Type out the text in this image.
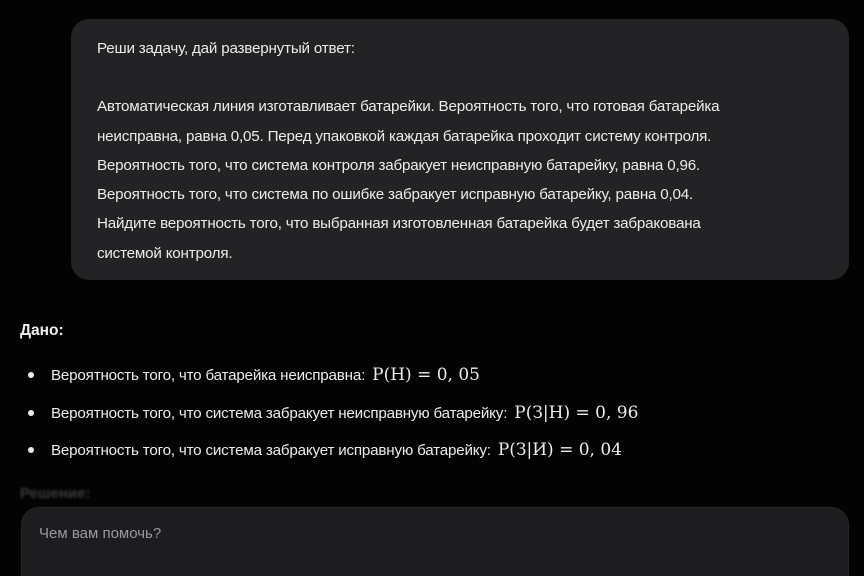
Реши задачу, дай развернутый ответ:

Автоматическая линия изготавливает батарейки. Вероятность того, что готовая батарейка

неисправна, равна 0,05. Перед упаковкой каждая батарейка проходит систему контроля.

Вероятность того, что система контроля забракует неисправную батарейку, равна 0,96.

Вероятность того, что система по ошибке забракует исправную батарейку, равна 0,04.

Найдите вероятность того, что выбранная изготовленная батарейка будет забракована

системой контроля.

Дано:
Вероятность того, что батарейка неисправна: P(Н) = 0, 05
Вероятность того, что система забракует неисправную батарейку: P(З|Н) = 0, 96
Вероятность того, что система забракует исправную батарейку: P(З|И) = 0, 04
Решение:
Чем вам помочь?
